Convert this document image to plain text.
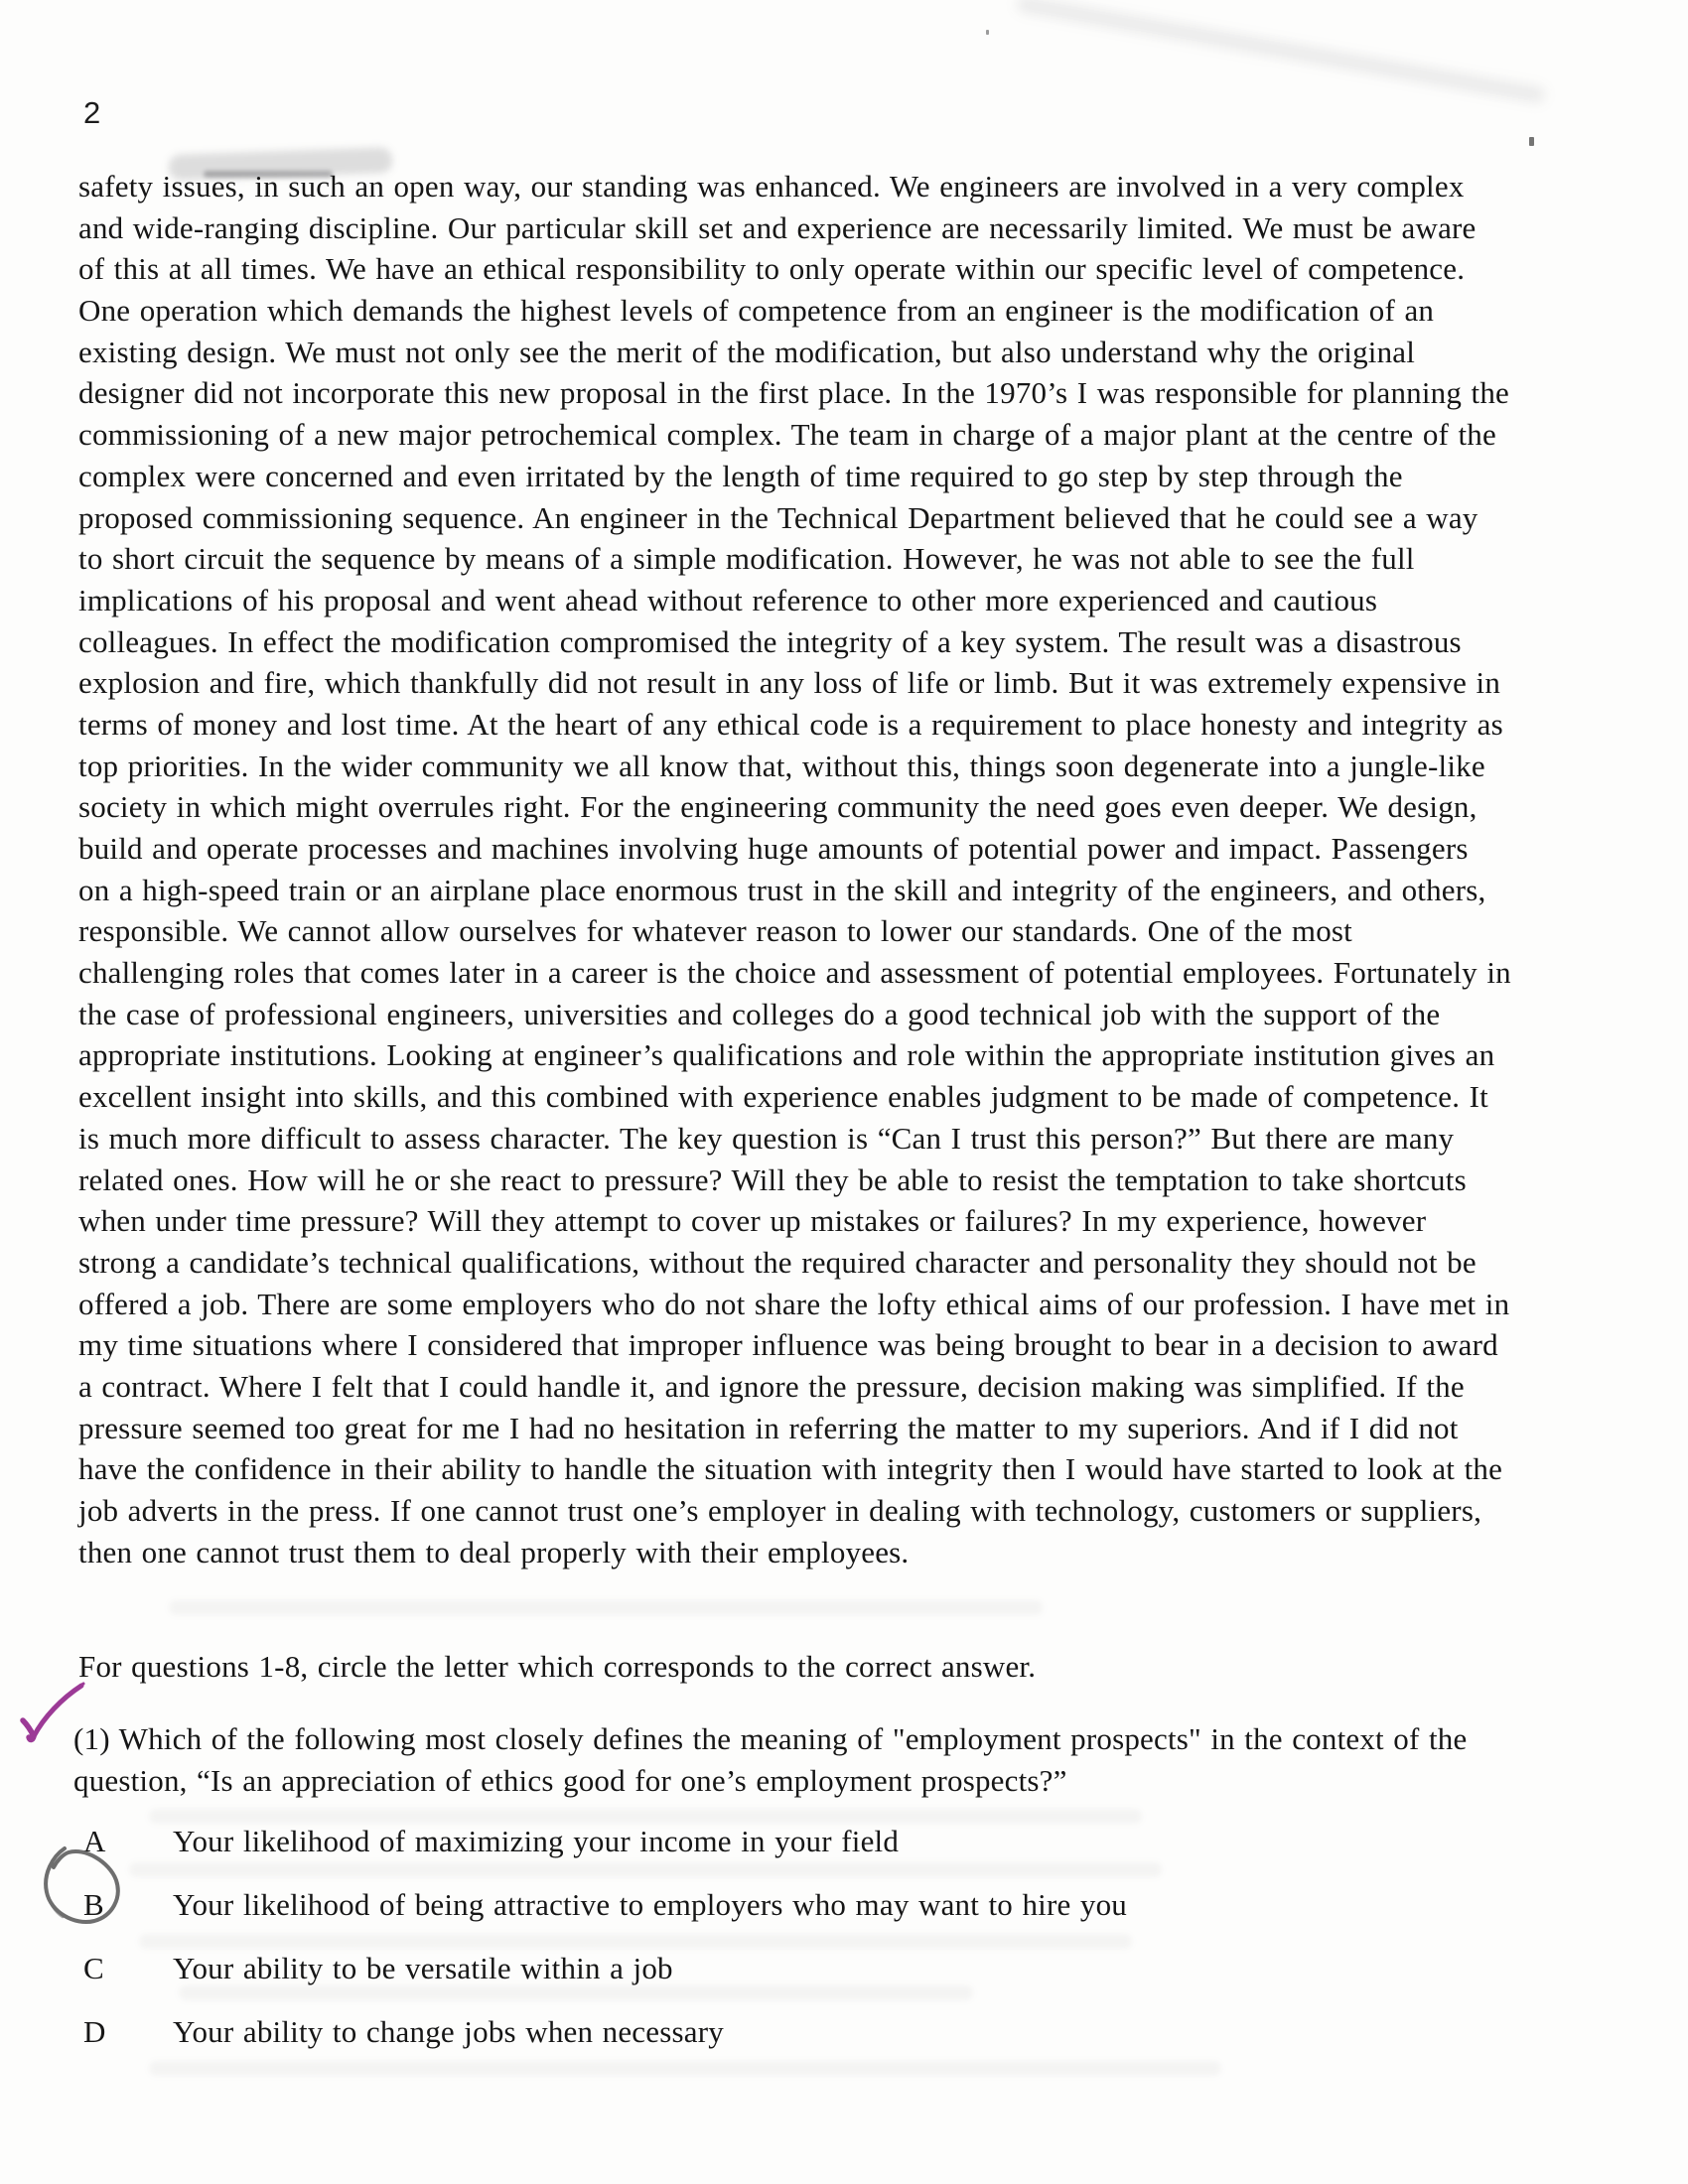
2
safety issues, in such an open way, our standing was enhanced. We engineers are involved in a very complex
and wide-ranging discipline. Our particular skill set and experience are necessarily limited. We must be aware
of this at all times. We have an ethical responsibility to only operate within our specific level of competence.
One operation which demands the highest levels of competence from an engineer is the modification of an
existing design. We must not only see the merit of the modification, but also understand why the original
designer did not incorporate this new proposal in the first place. In the 1970’s I was responsible for planning the
commissioning of a new major petrochemical complex. The team in charge of a major plant at the centre of the
complex were concerned and even irritated by the length of time required to go step by step through the
proposed commissioning sequence. An engineer in the Technical Department believed that he could see a way
to short circuit the sequence by means of a simple modification. However, he was not able to see the full
implications of his proposal and went ahead without reference to other more experienced and cautious
colleagues. In effect the modification compromised the integrity of a key system. The result was a disastrous
explosion and fire, which thankfully did not result in any loss of life or limb. But it was extremely expensive in
terms of money and lost time. At the heart of any ethical code is a requirement to place honesty and integrity as
top priorities. In the wider community we all know that, without this, things soon degenerate into a jungle-like
society in which might overrules right. For the engineering community the need goes even deeper. We design,
build and operate processes and machines involving huge amounts of potential power and impact. Passengers
on a high-speed train or an airplane place enormous trust in the skill and integrity of the engineers, and others,
responsible. We cannot allow ourselves for whatever reason to lower our standards. One of the most
challenging roles that comes later in a career is the choice and assessment of potential employees. Fortunately in
the case of professional engineers, universities and colleges do a good technical job with the support of the
appropriate institutions. Looking at engineer’s qualifications and role within the appropriate institution gives an
excellent insight into skills, and this combined with experience enables judgment to be made of competence. It
is much more difficult to assess character. The key question is “Can I trust this person?” But there are many
related ones. How will he or she react to pressure? Will they be able to resist the temptation to take shortcuts
when under time pressure? Will they attempt to cover up mistakes or failures? In my experience, however
strong a candidate’s technical qualifications, without the required character and personality they should not be
offered a job. There are some employers who do not share the lofty ethical aims of our profession. I have met in
my time situations where I considered that improper influence was being brought to bear in a decision to award
a contract. Where I felt that I could handle it, and ignore the pressure, decision making was simplified. If the
pressure seemed too great for me I had no hesitation in referring the matter to my superiors. And if I did not
have the confidence in their ability to handle the situation with integrity then I would have started to look at the
job adverts in the press. If one cannot trust one’s employer in dealing with technology, customers or suppliers,
then one cannot trust them to deal properly with their employees.
For questions 1-8, circle the letter which corresponds to the correct answer.
(1) Which of the following most closely defines the meaning of "employment prospects" in the context of the
question, “Is an appreciation of ethics good for one’s employment prospects?”
A Your likelihood of maximizing your income in your field
B Your likelihood of being attractive to employers who may want to hire you
C Your ability to be versatile within a job
D Your ability to change jobs when necessary
